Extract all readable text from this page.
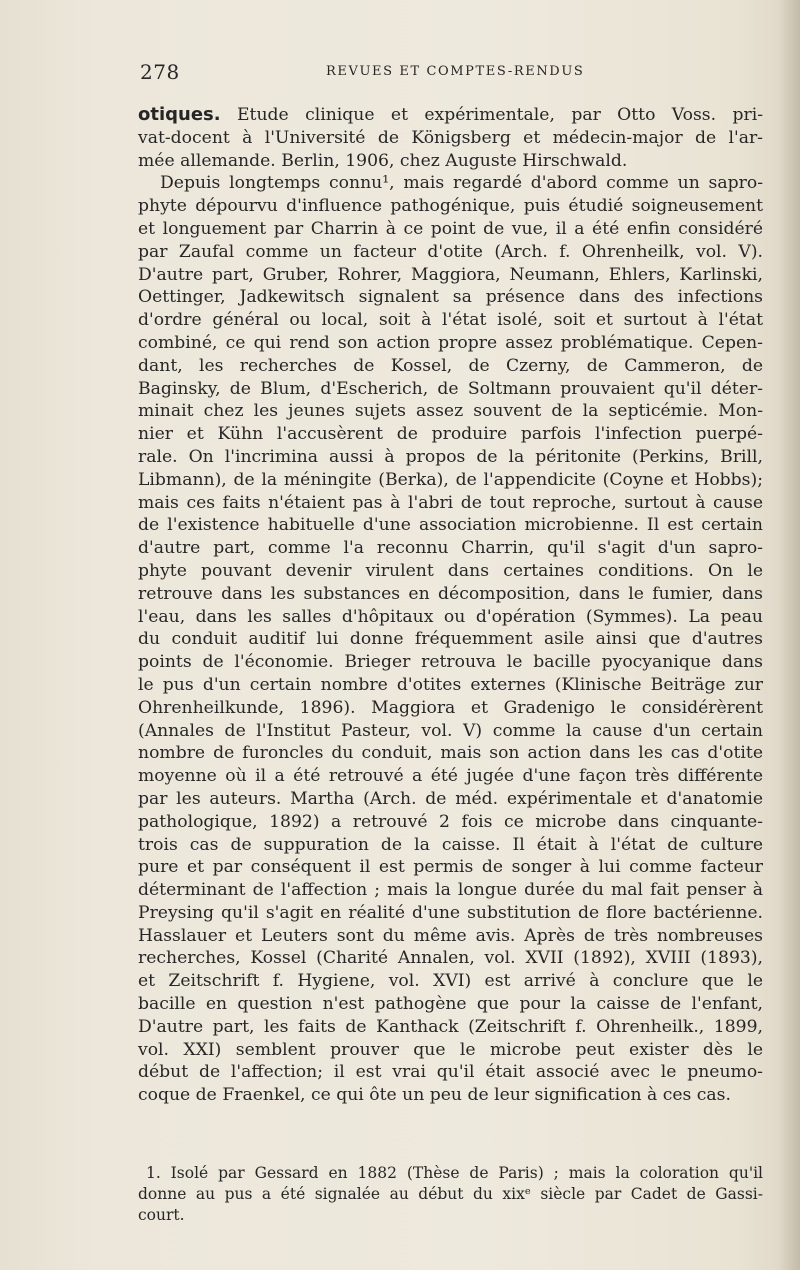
278	REVUES ET COMPTES-RENDUS
otiques. Etude clinique et expérimentale, par Otto Voss. pri-
vat-docent à l'Université de Königsberg et médecin-major de l'ar-
mée allemande. Berlin, 1906, chez Auguste Hirschwald.
Depuis longtemps connu¹, mais regardé d'abord comme un sapro-
phyte dépourvu d'influence pathogénique, puis étudié soigneusement
et longuement par Charrin à ce point de vue, il a été enfin considéré
par Zaufal comme un facteur d'otite (Arch. f. Ohrenheilk, vol. V).
D'autre part, Gruber, Rohrer, Maggiora, Neumann, Ehlers, Karlinski,
Oettinger, Jadkewitsch signalent sa présence dans des infections
d'ordre général ou local, soit à l'état isolé, soit et surtout à l'état
combiné, ce qui rend son action propre assez problématique. Cepen-
dant, les recherches de Kossel, de Czerny, de Cammeron, de
Baginsky, de Blum, d'Escherich, de Soltmann prouvaient qu'il déter-
minait chez les jeunes sujets assez souvent de la septicémie. Mon-
nier et Kühn l'accusèrent de produire parfois l'infection puerpé-
rale. On l'incrimina aussi à propos de la péritonite (Perkins, Brill,
Libmann), de la méningite (Berka), de l'appendicite (Coyne et Hobbs);
mais ces faits n'étaient pas à l'abri de tout reproche, surtout à cause
de l'existence habituelle d'une association microbienne. Il est certain
d'autre part, comme l'a reconnu Charrin, qu'il s'agit d'un sapro-
phyte pouvant devenir virulent dans certaines conditions. On le
retrouve dans les substances en décomposition, dans le fumier, dans
l'eau, dans les salles d'hôpitaux ou d'opération (Symmes). La peau
du conduit auditif lui donne fréquemment asile ainsi que d'autres
points de l'économie. Brieger retrouva le bacille pyocyanique dans
le pus d'un certain nombre d'otites externes (Klinische Beiträge zur
Ohrenheilkunde, 1896). Maggiora et Gradenigo le considérèrent
(Annales de l'Institut Pasteur, vol. V) comme la cause d'un certain
nombre de furoncles du conduit, mais son action dans les cas d'otite
moyenne où il a été retrouvé a été jugée d'une façon très différente
par les auteurs. Martha (Arch. de méd. expérimentale et d'anatomie
pathologique, 1892) a retrouvé 2 fois ce microbe dans cinquante-
trois cas de suppuration de la caisse. Il était à l'état de culture
pure et par conséquent il est permis de songer à lui comme facteur
déterminant de l'affection ; mais la longue durée du mal fait penser à
Preysing qu'il s'agit en réalité d'une substitution de flore bactérienne.
Hasslauer et Leuters sont du même avis. Après de très nombreuses
recherches, Kossel (Charité Annalen, vol. XVII (1892), XVIII (1893),
et Zeitschrift f. Hygiene, vol. XVI) est arrivé à conclure que le
bacille en question n'est pathogène que pour la caisse de l'enfant,
D'autre part, les faits de Kanthack (Zeitschrift f. Ohrenheilk., 1899,
vol. XXI) semblent prouver que le microbe peut exister dès le
début de l'affection; il est vrai qu'il était associé avec le pneumo-
coque de Fraenkel, ce qui ôte un peu de leur signification à ces cas.
1. Isolé par Gessard en 1882 (Thèse de Paris) ; mais la coloration qu'il
donne au pus a été signalée au début du xixᵉ siècle par Cadet de Gassi-
court.
